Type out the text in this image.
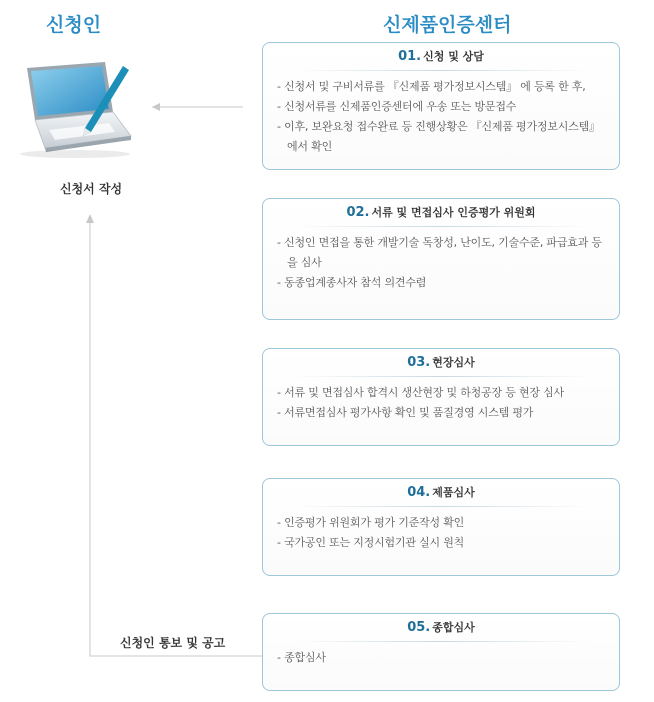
신청인	신제품인증센터
신청서 작성
신청인 통보 및 공고
01. 신청 및 상담
- 신청서 및 구비서류를 『신제품 평가정보시스템』 에 등록 한 후,
- 신청서류를 신제품인증센터에 우송 또는 방문접수
- 이후, 보완요청 접수완료 등 진행상황은 『신제품 평가정보시스템』 에서 확인
02. 서류 및 면접심사 인증평가 위원회
- 신청인 면접을 통한 개발기술 독창성, 난이도, 기술수준, 파급효과 등을 심사
- 동종업계종사자 참석 의견수렴
03. 현장심사
- 서류 및 면접심사 합격시 생산현장 및 하청공장 등 현장 심사
- 서류면접심사 평가사항 확인 및 품질경영 시스템 평가
04. 제품심사
- 인증평가 위원회가 평가 기준작성 확인
- 국가공인 또는 지정시험기관 실시 원칙
05. 종합심사
- 종합심사
